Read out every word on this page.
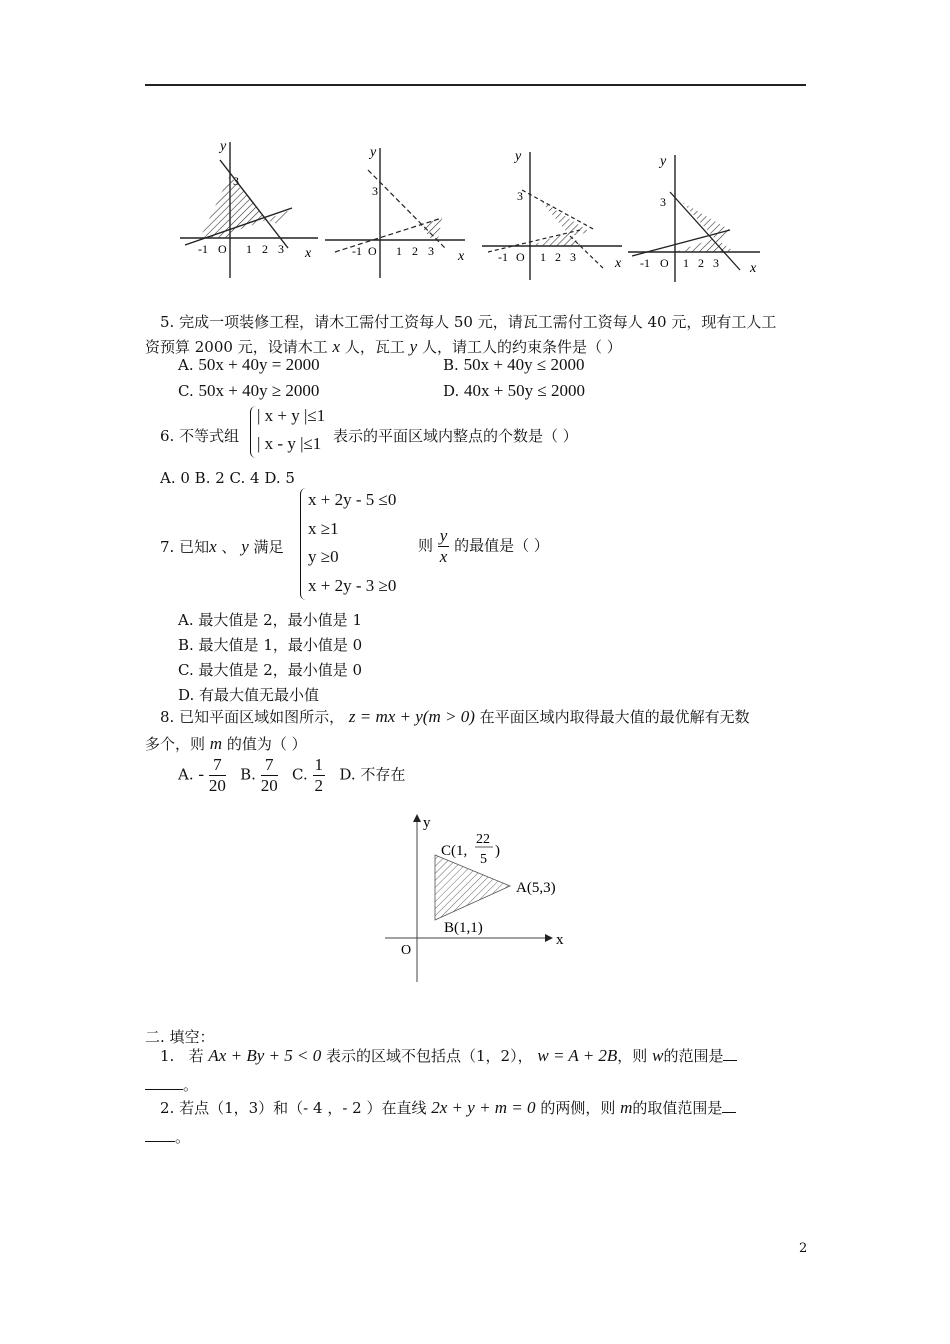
y
x
3
-1 O 1 2 3
y
x
3
-1 O 1 2 3
y
x
3
-1 O 1 2 3
y
x
3
-1 O 1 2 3
5. 完成一项装修工程，请木工需付工资每人 50 元，请瓦工需付工资每人 40 元，现有工人工
资预算 2000 元，设请木工 x 人，瓦工 y 人，请工人的约束条件是（ ）
A. 50x + 40y = 2000	B. 50x + 40y ≤ 2000
C. 50x + 40y ≥ 2000	D. 40x + 50y ≤ 2000
6. 不等式组
| x + y |≤1
| x - y |≤1 表示的平面区域内整点的个数是（ ）
A. 0 B. 2 C. 4 D. 5
7. 已知x 、 y 满足
x + 2y - 5 ≤0
x ≥1
y ≥0
x + 2y - 3 ≥0
则 $\frac{y}{x}$ 的最值是（ ）
A. 最大值是 2，最小值是 1
B. 最大值是 1，最小值是 0
C. 最大值是 2，最小值是 0
D. 有最大值无最小值
8. 已知平面区域如图所示， z = mx + y(m > 0) 在平面区域内取得最大值的最优解有无数
多个，则 m 的值为（ ）
A. - $\frac{7}{20} B$. $\frac{7}{20} C$. $\frac{1}{2} D$. 不存在
y
x
O
C(1,
22
5
)
A(5,3)
B(1,1)
二. 填空：
1. 若 Ax + By + 5 < 0 表示的区域不包括点（1，2）， w = A + 2B，则 w的范围是
。
2. 若点（1，3）和（- 4 ，- 2 ）在直线 2x + y + m = 0 的两侧，则 m的取值范围是
。
2
